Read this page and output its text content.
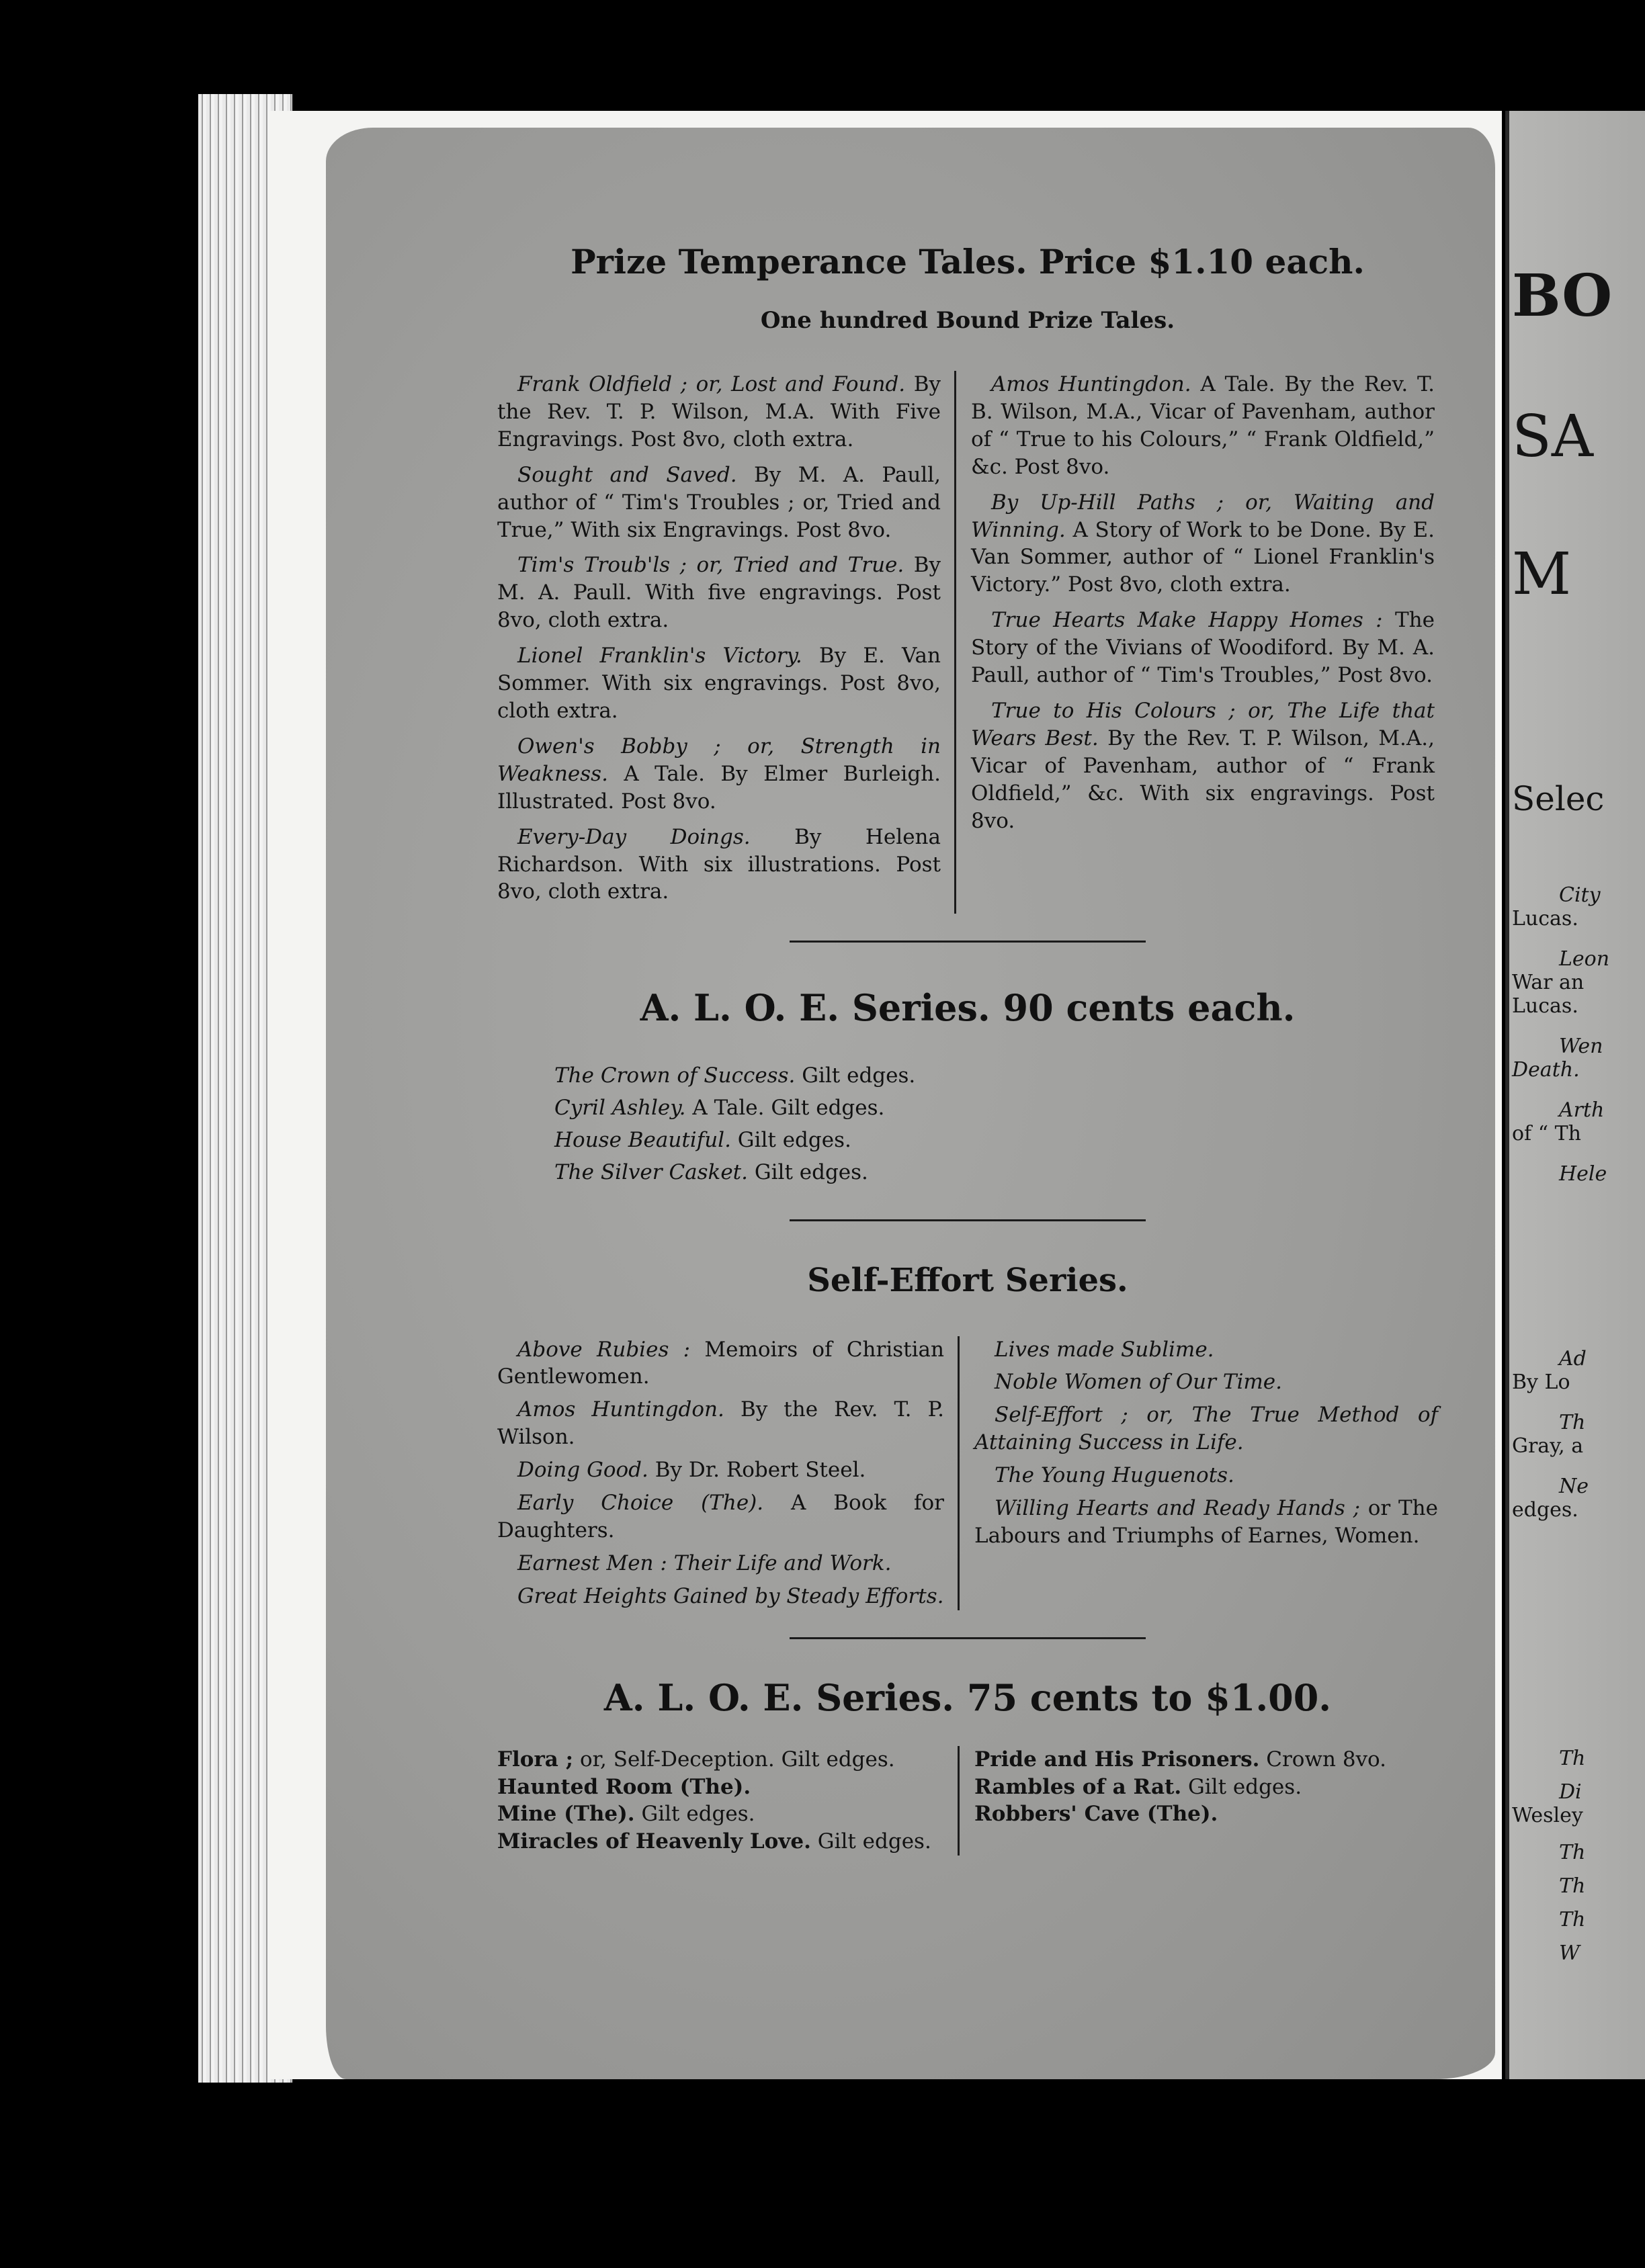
BO
SA
M
Selec
City
Lucas.
Leon
War an
Lucas.
Wen
Death.
Arth
of “ Th
Hele
Ad
By Lo
Th
Gray, a
Ne
edges.
Th
Di
Wesley
Th
Th
Th
W
Prize Temperance Tales. Price $1.10 each.
One hundred Bound Prize Tales.
Frank Oldfield ; or, Lost and Found. By the Rev. T. P. Wilson, M.A. With Five Engravings. Post 8vo, cloth extra.
Sought and Saved. By M. A. Paull, author of “ Tim's Troubles ; or, Tried and True,” With six Engravings. Post 8vo.
Tim's Troub'ls ; or, Tried and True. By M. A. Paull. With five engravings. Post 8vo, cloth extra.
Lionel Franklin's Victory. By E. Van Sommer. With six engravings. Post 8vo, cloth extra.
Owen's Bobby ; or, Strength in Weakness. A Tale. By Elmer Burleigh. Illustrated. Post 8vo.
Every-Day Doings. By Helena Richardson. With six illustrations. Post 8vo, cloth extra.
Amos Huntingdon. A Tale. By the Rev. T. B. Wilson, M.A., Vicar of Pavenham, author of “ True to his Colours,” “ Frank Oldfield,” &c. Post 8vo.
By Up-Hill Paths ; or, Waiting and Winning. A Story of Work to be Done. By E. Van Sommer, author of “ Lionel Franklin's Victory.” Post 8vo, cloth extra.
True Hearts Make Happy Homes : The Story of the Vivians of Woodiford. By M. A. Paull, author of “ Tim's Troubles,” Post 8vo.
True to His Colours ; or, The Life that Wears Best. By the Rev. T. P. Wilson, M.A., Vicar of Pavenham, author of “ Frank Oldfield,” &c. With six engravings. Post 8vo.
A. L. O. E. Series. 90 cents each.
The Crown of Success. Gilt edges.
Cyril Ashley. A Tale. Gilt edges.
House Beautiful. Gilt edges.
The Silver Casket. Gilt edges.
Self-Effort Series.
Above Rubies : Memoirs of Christian Gentlewomen.
Amos Huntingdon. By the Rev. T. P. Wilson.
Doing Good. By Dr. Robert Steel.
Early Choice (The). A Book for Daughters.
Earnest Men : Their Life and Work.
Great Heights Gained by Steady Efforts.
Lives made Sublime.
Noble Women of Our Time.
Self-Effort ; or, The True Method of Attaining Success in Life.
The Young Huguenots.
Willing Hearts and Ready Hands ; or The Labours and Triumphs of Earnes, Women.
A. L. O. E. Series. 75 cents to $1.00.
Flora ; or, Self-Deception. Gilt edges.
Haunted Room (The).
Mine (The). Gilt edges.
Miracles of Heavenly Love. Gilt edges.
Pride and His Prisoners. Crown 8vo.
Rambles of a Rat. Gilt edges.
Robbers' Cave (The).
